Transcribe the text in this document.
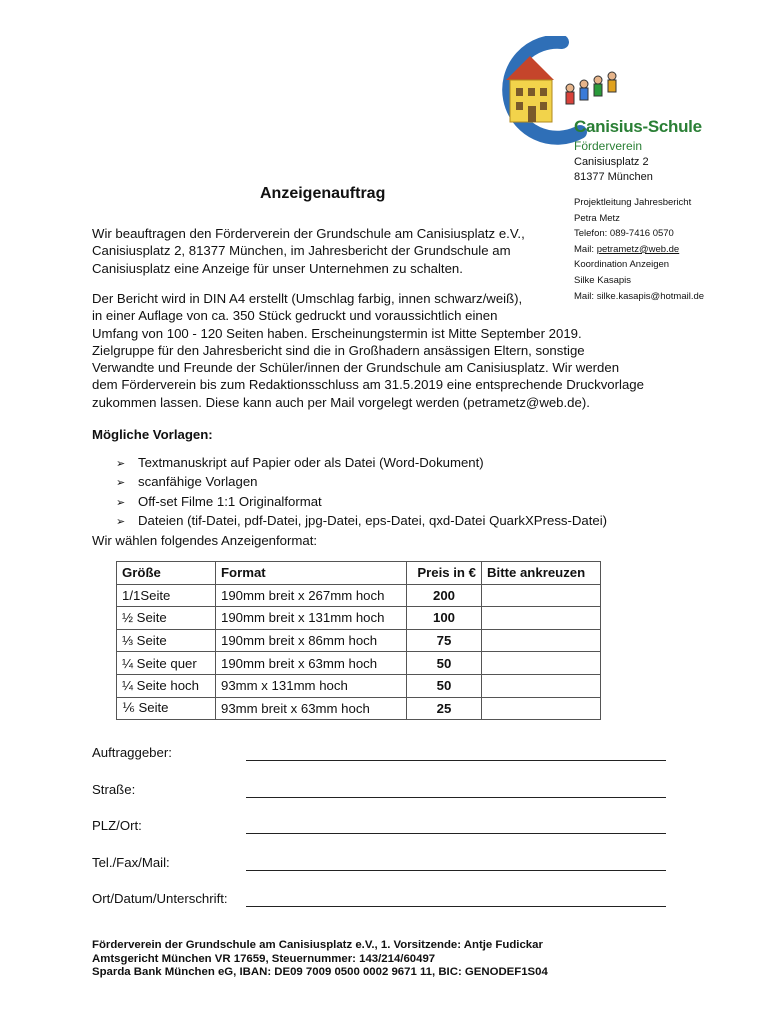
Canisius-Schule
Förderverein
Canisiusplatz 2
81377 München
Projektleitung Jahresbericht
Petra Metz
Telefon: 089-7416 0570
Mail: petrametz@web.de
Koordination Anzeigen
Silke Kasapis
Mail: silke.kasapis@hotmail.de
Anzeigenauftrag

Wir beauftragen den Förderverein der Grundschule am Canisiusplatz e.V.,

Canisiusplatz 2, 81377 München, im Jahresbericht der Grundschule am

Canisiusplatz eine Anzeige für unser Unternehmen zu schalten.

Der Bericht wird in DIN A4 erstellt (Umschlag farbig, innen schwarz/weiß),

in einer Auflage von ca. 350 Stück gedruckt und voraussichtlich einen

Umfang von 100 - 120 Seiten haben. Erscheinungstermin ist Mitte September 2019.

Zielgruppe für den Jahresbericht sind die in Großhadern ansässigen Eltern, sonstige

Verwandte und Freunde der Schüler/innen der Grundschule am Canisiusplatz. Wir werden

dem Förderverein bis zum Redaktionsschluss am 31.5.2019 eine entsprechende Druckvorlage

zukommen lassen. Diese kann auch per Mail vorgelegt werden (petrametz@web.de).

Mögliche Vorlagen:
➢ Textmanuskript auf Papier oder als Datei (Word-Dokument)
➢ scanfähige Vorlagen
➢ Off-set Filme 1:1 Originalformat
➢ Dateien (tif-Datei, pdf-Datei, jpg-Datei, eps-Datei, qxd-Datei QuarkXPress-Datei)
Wir wählen folgendes Anzeigenformat:
Größe	Format	Preis in €	Bitte ankreuzen
1/1Seite	190mm breit x 267mm hoch	200	
½ Seite	190mm breit x 131mm hoch	100	
⅓ Seite	190mm breit x 86mm hoch	75	
¼ Seite quer	190mm breit x 63mm hoch	50	
¼ Seite hoch	93mm x 131mm hoch	50	
⅙ Seite	93mm breit x 63mm hoch	25	
Auftraggeber:
Straße:
PLZ/Ort:
Tel./Fax/Mail:
Ort/Datum/Unterschrift:

Förderverein der Grundschule am Canisiusplatz e.V., 1. Vorsitzende: Antje Fudickar

Amtsgericht München VR 17659, Steuernummer: 143/214/60497

Sparda Bank München eG, IBAN: DE09 7009 0500 0002 9671 11, BIC: GENODEF1S04
